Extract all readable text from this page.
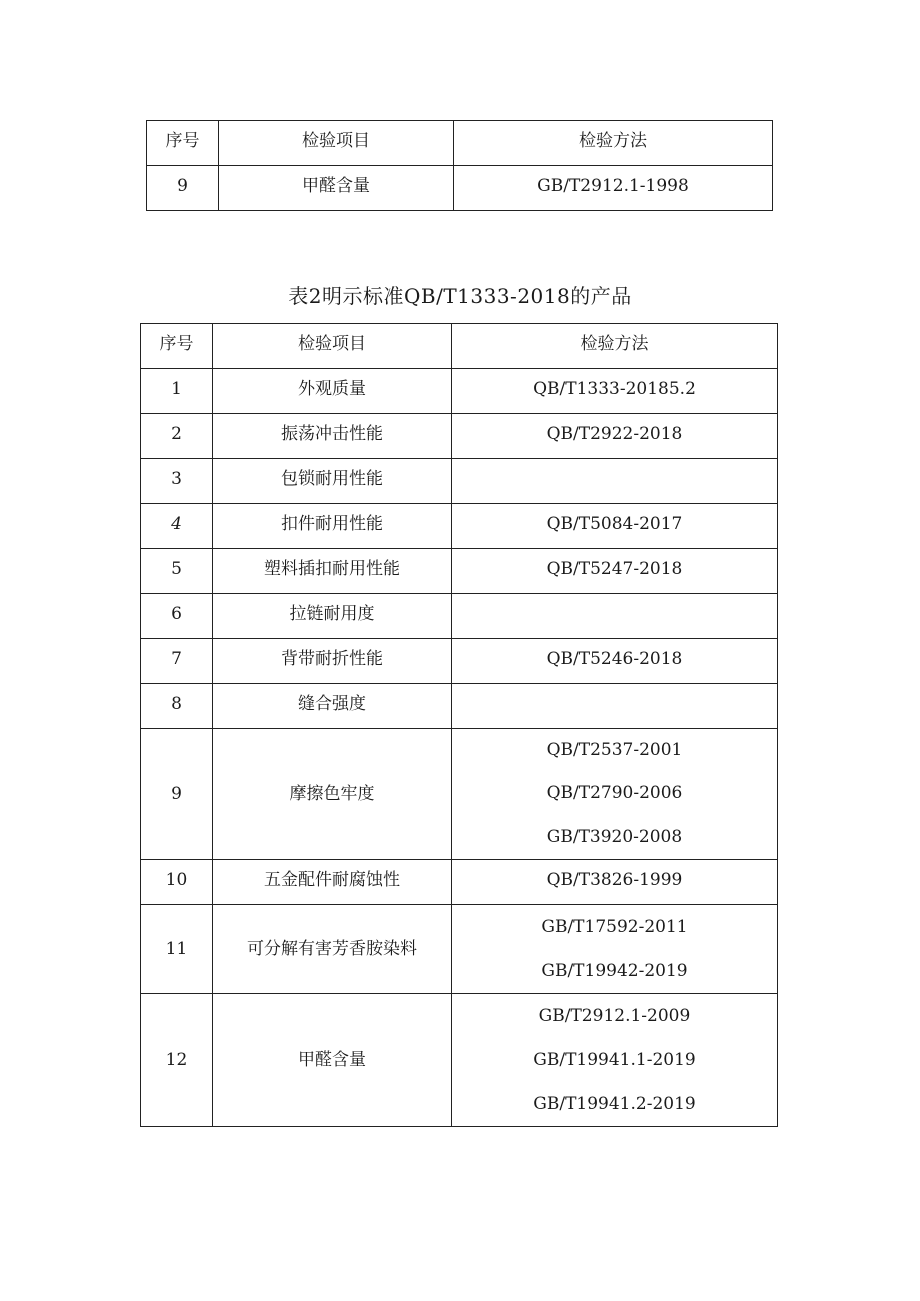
序号	检验项目	检验方法

9	甲醛含量	GB/T2912.1-1998
表2明示标准QB/T1333-2018的产品
序号	检验项目	检验方法

1	外观质量	QB/T1333-20185.2

2	振荡冲击性能	QB/T2922-2018

3	包锁耐用性能	

4	扣件耐用性能	QB/T5084-2017

5	塑料插扣耐用性能	QB/T5247-2018

6	拉链耐用度	

7	背带耐折性能	QB/T5246-2018

8	缝合强度	

9	摩擦色牢度	QB/T2537-2001
QB/T2790-2006
GB/T3920-2008

10	五金配件耐腐蚀性	QB/T3826-1999

11	可分解有害芳香胺染料	GB/T17592-2011
GB/T19942-2019

12	甲醛含量	GB/T2912.1-2009
GB/T19941.1-2019
GB/T19941.2-2019
